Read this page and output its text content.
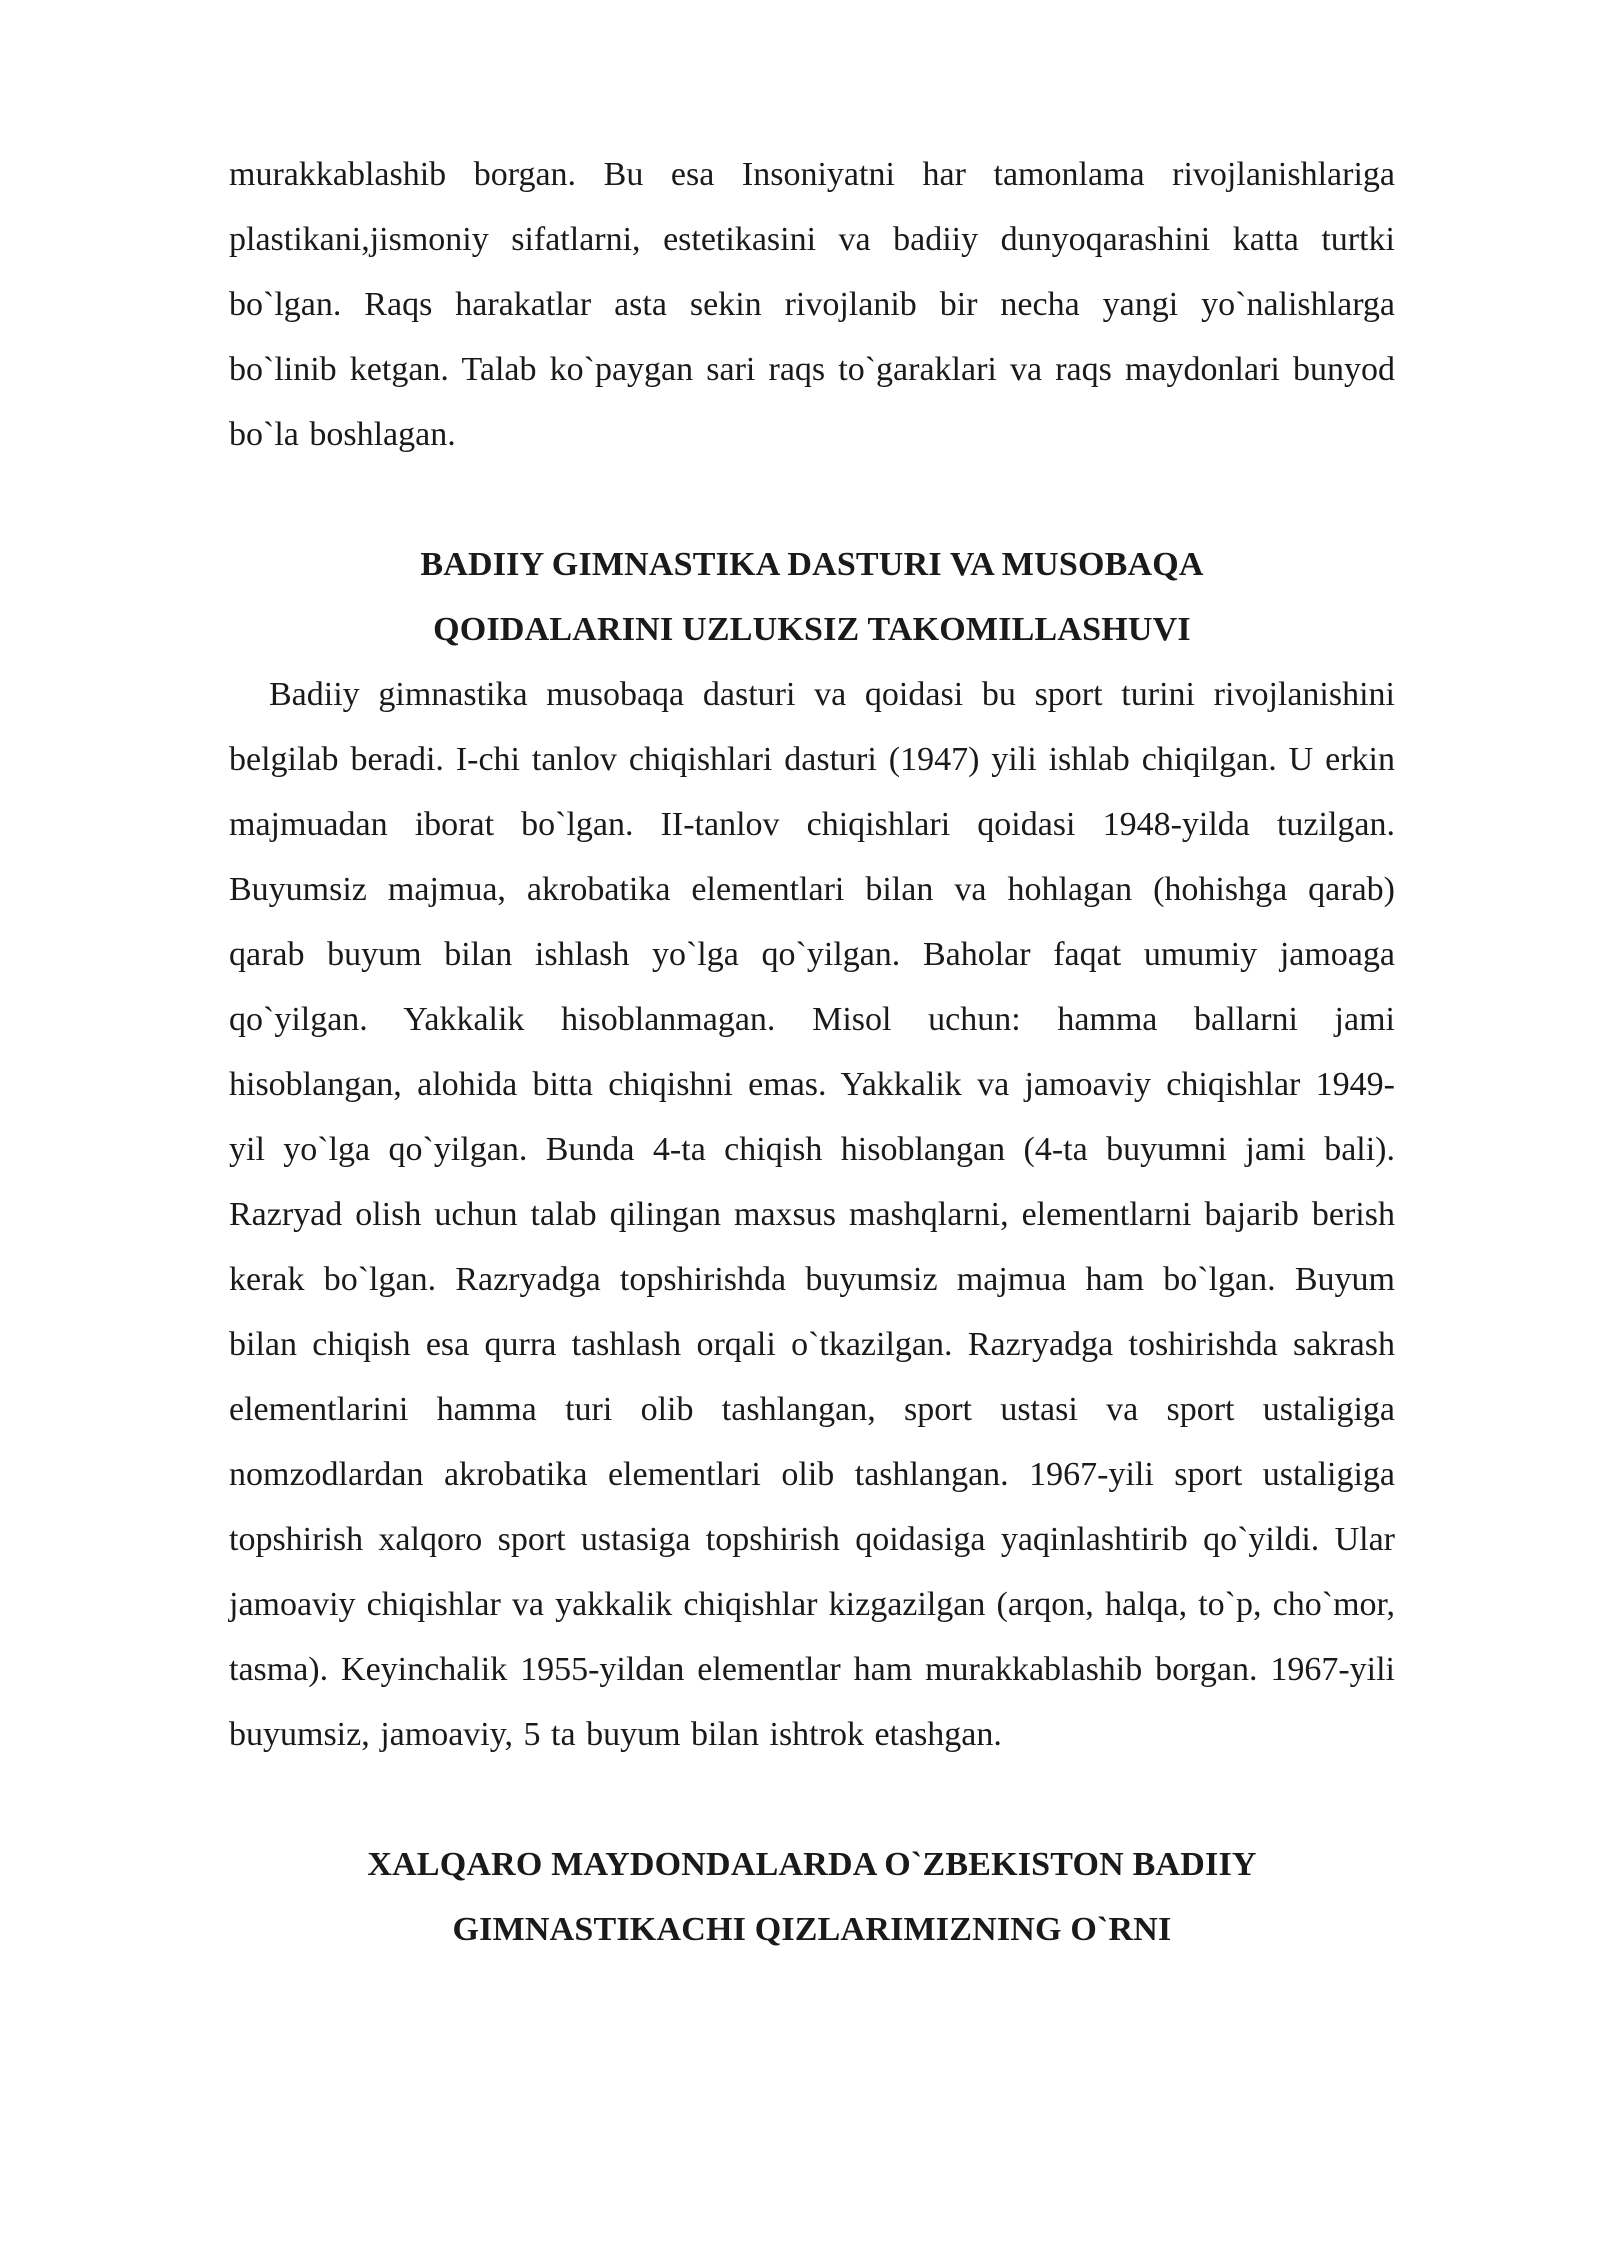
murakkablashib borgan. Bu esa Insoniyatni har tamonlama rivojlanishlariga plastikani,jismoniy sifatlarni, estetikasini va badiiy dunyoqarashini katta turtki bo`lgan. Raqs harakatlar asta sekin rivojlanib bir necha yangi yo`nalishlarga bo`linib ketgan. Talab ko`paygan sari raqs to`garaklari va raqs maydonlari bunyod bo`la boshlagan.

BADIIY GIMNASTIKA DASTURI VA MUSOBAQA
QOIDALARINI UZLUKSIZ TAKOMILLASHUVI

Badiiy gimnastika musobaqa dasturi va qoidasi bu sport turini rivojlanishini belgilab beradi. I-chi tanlov chiqishlari dasturi (1947) yili ishlab chiqilgan. U erkin majmuadan iborat bo`lgan. II-tanlov chiqishlari qoidasi 1948-yilda tuzilgan. Buyumsiz majmua, akrobatika elementlari bilan va hohlagan (hohishga qarab) qarab buyum bilan ishlash yo`lga qo`yilgan. Baholar faqat umumiy jamoaga qo`yilgan. Yakkalik hisoblanmagan. Misol uchun: hamma ballarni jami hisoblangan, alohida bitta chiqishni emas. Yakkalik va jamoaviy chiqishlar 1949- yil yo`lga qo`yilgan. Bunda 4-ta chiqish hisoblangan (4-ta buyumni jami bali). Razryad olish uchun talab qilingan maxsus mashqlarni, elementlarni bajarib berish kerak bo`lgan. Razryadga topshirishda buyumsiz majmua ham bo`lgan. Buyum bilan chiqish esa qurra tashlash orqali o`tkazilgan. Razryadga toshirishda sakrash elementlarini hamma turi olib tashlangan, sport ustasi va sport ustaligiga nomzodlardan akrobatika elementlari olib tashlangan. 1967-yili sport ustaligiga topshirish xalqoro sport ustasiga topshirish qoidasiga yaqinlashtirib qo`yildi. Ular jamoaviy chiqishlar va yakkalik chiqishlar kizgazilgan (arqon, halqa, to`p, cho`mor, tasma). Keyinchalik 1955-yildan elementlar ham murakkablashib borgan. 1967-yili buyumsiz, jamoaviy, 5 ta buyum bilan ishtrok etashgan.

XALQARO MAYDONDALARDA O`ZBEKISTON BADIIY
GIMNASTIKACHI QIZLARIMIZNING O`RNI
